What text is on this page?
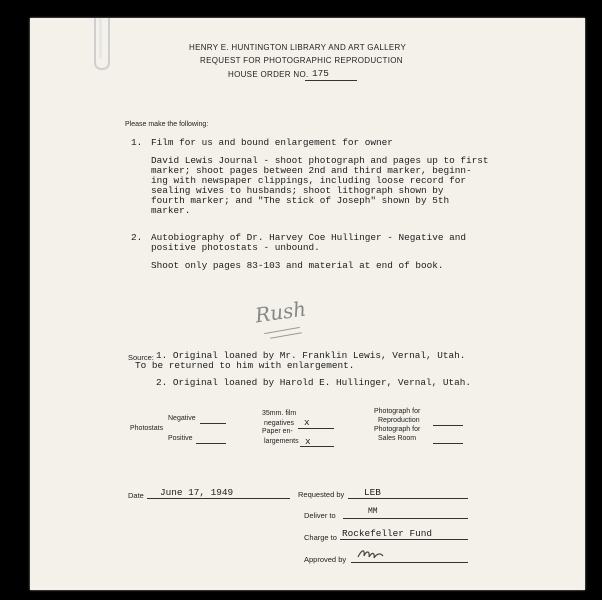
HENRY E. HUNTINGTON LIBRARY AND ART GALLERY
REQUEST FOR PHOTOGRAPHIC REPRODUCTION
HOUSE ORDER NO. 175
Please make the following:
1. Film for us and bound enlargement for owner
David Lewis Journal - shoot photograph and pages up to first
marker; shoot pages between 2nd and third marker, beginn-
ing with newspaper clippings, including loose record for
sealing wives to husbands; shoot lithograph shown by
fourth marker; and "The stick of Joseph" shown by 5th
marker.
2. Autobiography of Dr. Harvey Coe Hullinger - Negative and
positive photostats - unbound.
Shoot only pages 83-103 and material at end of book.
Rush
Source: 1. Original loaned by Mr. Franklin Lewis, Vernal, Utah.
To be returned to him with enlargement.
2. Original loaned by Harold E. Hullinger, Vernal, Utah.
Photostats
Negative
Positive
35mm. film
negatives x
Paper en-
largements x
Photograph for
Reproduction
Photograph for
Sales Room
Date June 17, 1949	Requested by LEB
Deliver to	MM
Charge to Rockefeller Fund
Approved by
